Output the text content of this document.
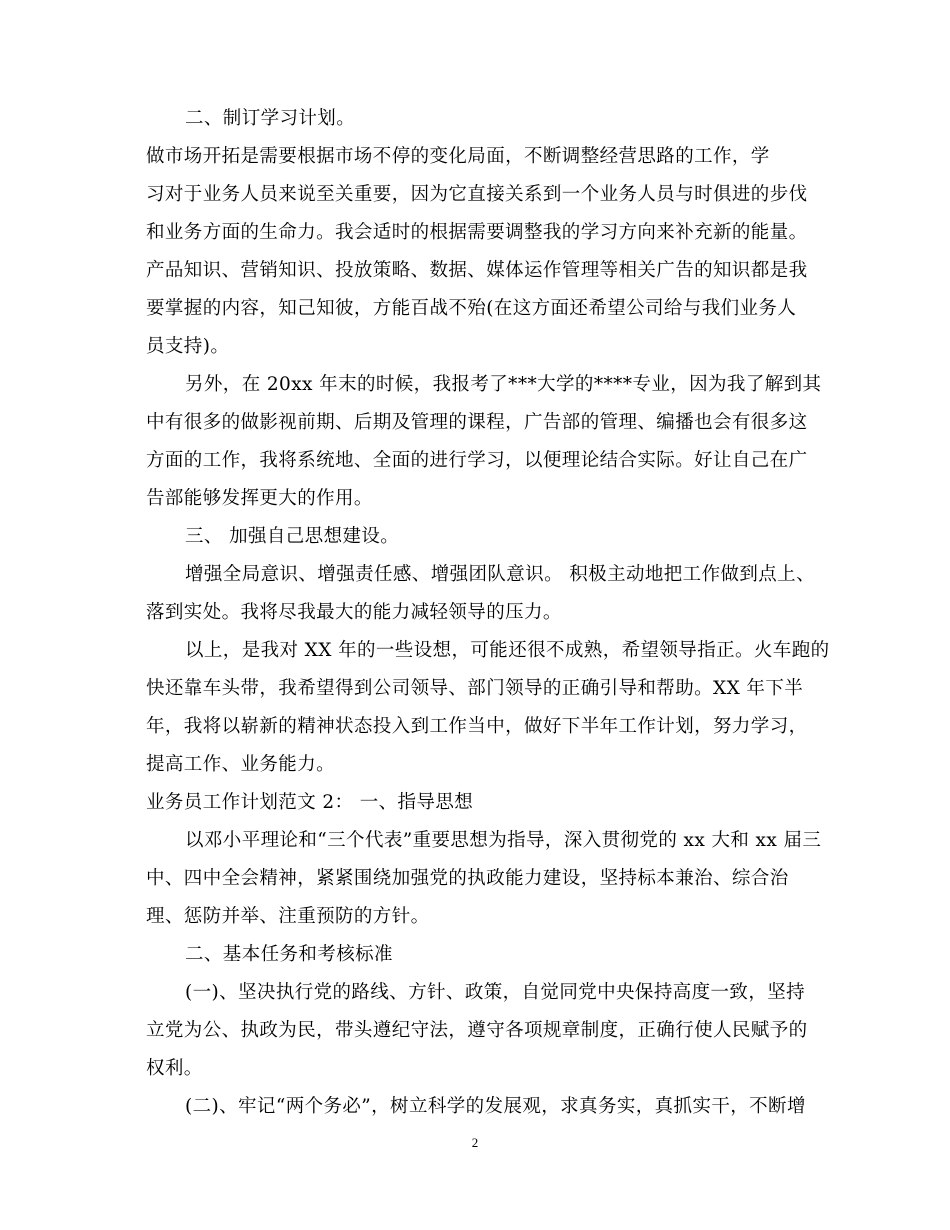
二、制订学习计划。
做市场开拓是需要根据市场不停的变化局面，不断调整经营思路的工作，学
习对于业务人员来说至关重要，因为它直接关系到一个业务人员与时俱进的步伐
和业务方面的生命力。我会适时的根据需要调整我的学习方向来补充新的能量。
产品知识、营销知识、投放策略、数据、媒体运作管理等相关广告的知识都是我
要掌握的内容，知己知彼，方能百战不殆(在这方面还希望公司给与我们业务人
员支持)。
另外，在 20xx 年末的时候，我报考了***大学的****专业，因为我了解到其
中有很多的做影视前期、后期及管理的课程，广告部的管理、编播也会有很多这
方面的工作，我将系统地、全面的进行学习，以便理论结合实际。好让自己在广
告部能够发挥更大的作用。
三、 加强自己思想建设。
增强全局意识、增强责任感、增强团队意识。 积极主动地把工作做到点上、
落到实处。我将尽我最大的能力减轻领导的压力。
以上，是我对 XX 年的一些设想，可能还很不成熟，希望领导指正。火车跑的
快还靠车头带，我希望得到公司领导、部门领导的正确引导和帮助。XX 年下半
年，我将以崭新的精神状态投入到工作当中，做好下半年工作计划，努力学习，
提高工作、业务能力。
业务员工作计划范文 2： 一、指导思想
以邓小平理论和“三个代表”重要思想为指导，深入贯彻党的 xx 大和 xx 届三
中、四中全会精神，紧紧围绕加强党的执政能力建设，坚持标本兼治、综合治
理、惩防并举、注重预防的方针。
二、基本任务和考核标准
(一)、坚决执行党的路线、方针、政策，自觉同党中央保持高度一致，坚持
立党为公、执政为民，带头遵纪守法，遵守各项规章制度，正确行使人民赋予的
权利。
(二)、牢记“两个务必”，树立科学的发展观，求真务实，真抓实干，不断增
2
